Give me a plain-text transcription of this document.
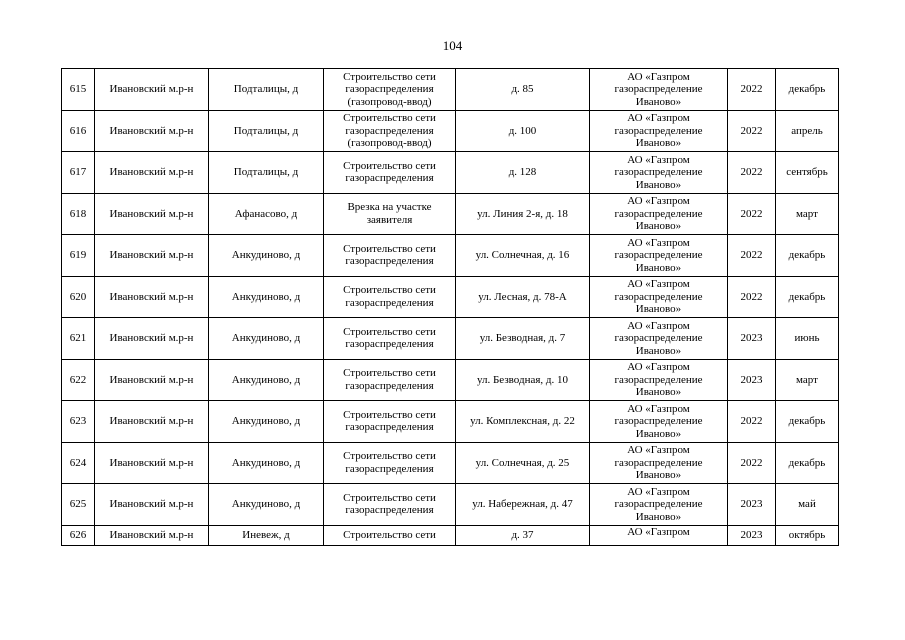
104
615	Ивановский м.р-н	Подталицы, д	Строительство сети газораспределения (газопровод-ввод)	д. 85	АО «Газпром газораспределение Иваново»	2022	декабрь
616	Ивановский м.р-н	Подталицы, д	Строительство сети газораспределения (газопровод-ввод)	д. 100	АО «Газпром газораспределение Иваново»	2022	апрель
617	Ивановский м.р-н	Подталицы, д	Строительство сети газораспределения	д. 128	АО «Газпром газораспределение Иваново»	2022	сентябрь
618	Ивановский м.р-н	Афанасово, д	Врезка на участке заявителя	ул. Линия 2-я, д. 18	АО «Газпром газораспределение Иваново»	2022	март
619	Ивановский м.р-н	Анкудиново, д	Строительство сети газораспределения	ул. Солнечная, д. 16	АО «Газпром газораспределение Иваново»	2022	декабрь
620	Ивановский м.р-н	Анкудиново, д	Строительство сети газораспределения	ул. Лесная, д. 78-А	АО «Газпром газораспределение Иваново»	2022	декабрь
621	Ивановский м.р-н	Анкудиново, д	Строительство сети газораспределения	ул. Безводная, д. 7	АО «Газпром газораспределение Иваново»	2023	июнь
622	Ивановский м.р-н	Анкудиново, д	Строительство сети газораспределения	ул. Безводная, д. 10	АО «Газпром газораспределение Иваново»	2023	март
623	Ивановский м.р-н	Анкудиново, д	Строительство сети газораспределения	ул. Комплексная, д. 22	АО «Газпром газораспределение Иваново»	2022	декабрь
624	Ивановский м.р-н	Анкудиново, д	Строительство сети газораспределения	ул. Солнечная, д. 25	АО «Газпром газораспределение Иваново»	2022	декабрь
625	Ивановский м.р-н	Анкудиново, д	Строительство сети газораспределения	ул. Набережная, д. 47	АО «Газпром газораспределение Иваново»	2023	май
626	Ивановский м.р-н	Иневеж, д	Строительство сети	д. 37	АО «Газпром	2023	октябрь
